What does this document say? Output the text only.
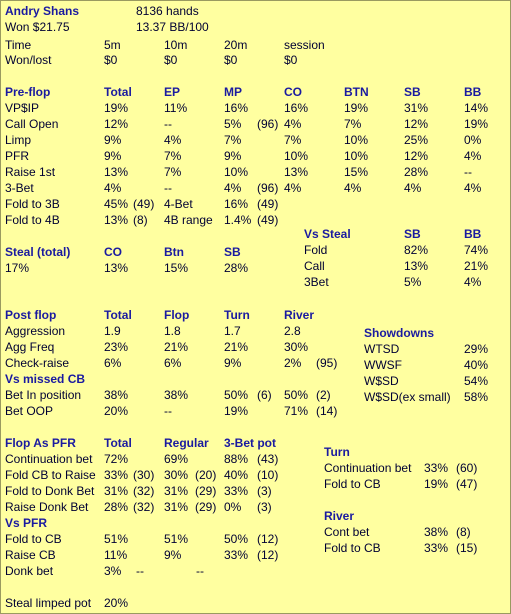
Andry Shans	8136 hands
Won $21.75	13.37 BB/100
Time	5m	10m	20m	session
Won/lost	$0	$0	$0	$0
Pre-flop	Total	EP	MP	CO	BTN	SB	BB
VP$IP	19%	11%	16%	16%	19%	31%	14%
Call Open	12%	--	5% (96) 4%	7%	12%	19%
Limp	9%	4%	7%	7%	10%	25%	0%
PFR	9%	7%	9%	10%	10%	12%	4%
Raise 1st	13%	7%	10%	13%	15%	28%	--
3-Bet	4%	--	4% (96) 4%	4%	4%	4%
Fold to 3B	45% (49) 4-Bet	16% (49)
Fold to 4B	13% (8) 4B range 1.4% (49)
Vs Steal	SB	BB
Fold	82%	74%
Call	13%	21%
3Bet	5%	4%
Steal (total)	CO	Btn	SB
17%	13%	15%	28%
Post flop	Total	Flop	Turn	River
Aggression	1.9	1.8	1.7	2.8
Agg Freq	23%	21%	21%	30%
Check-raise	6%	6%	9%	2% (95)
Vs missed CB
Bet In position 38%	38%	50% (6) 50% (2)
Bet OOP	20%	--	19%	71% (14)
Showdowns
WTSD	29%
WWSF	40%
W$SD	54%
W$SD(ex small) 58%
Flop As PFR Total	Regular 3-Bet pot
Continuation bet 72%	69%	88% (43)
Fold CB to Raise 33% (30) 30% (20) 40% (10)
Fold to Donk Bet 31% (32) 31% (29) 33% (3)
Raise Donk Bet 28% (32) 31% (29) 0% (3)
Vs PFR
Fold to CB	51%	51%	50% (12)
Raise CB	11%	9%	33% (12)
Donk bet	3% --	--
Turn
Continuation bet 33% (60)
Fold to CB	19% (47)
River
Cont bet	38% (8)
Fold to CB	33% (15)
Steal limped pot 20%
